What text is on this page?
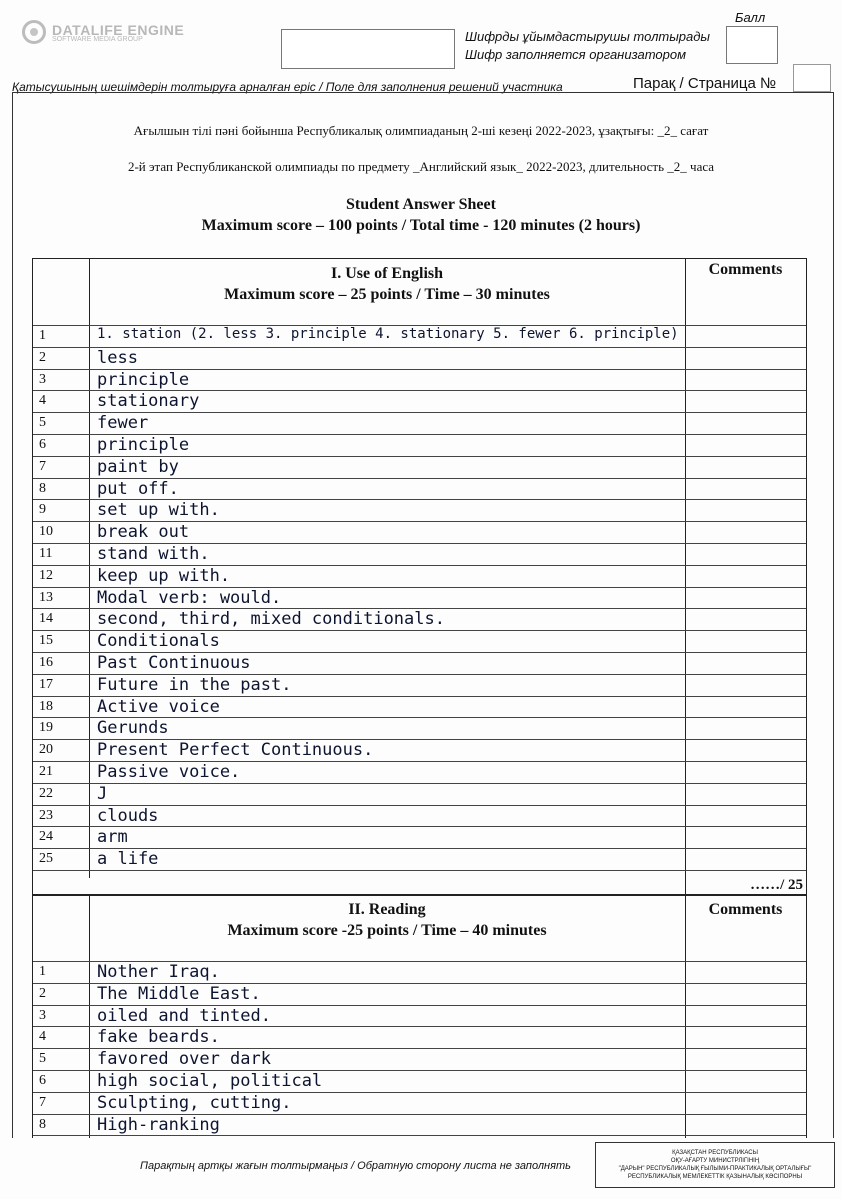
DATALIFE ENGINE
SOFTWARE MEDIA GROUP	Шифрды ұйымдастырушы толтырады
Шифр заполняется организатором
Балл
Қатысушының шешімдерін толтыруға арналған еріс / Поле для заполнения решений участника	Парақ / Страница №
Ағылшын тілі пәні бойынша Республикалық олимпиаданың 2-ші кезеңі 2022-2023, ұзақтығы: _2_ сағат
2-й этап Республиканской олимпиады по предмету _Английский язык_ 2022-2023, длительность _2_ часа
Student Answer Sheet
Maximum score – 100 points / Total time - 120 minutes (2 hours)
I. Use of English
Maximum score – 25 points / Time – 30 minutes
Comments
1	1. station (2. less 3. principle 4. stationary 5. fewer 6. principle)
2	less
3	principle
4	stationary
5	fewer
6	principle
7	paint by
8	put off.
9	set up with.
10	break out
11	stand with.
12	keep up with.
13	Modal verb: would.
14	second, third, mixed conditionals.
15	Conditionals
16	Past Continuous
17	Future in the past.
18	Active voice
19	Gerunds
20	Present Perfect Continuous.
21	Passive voice.
22	J
23	clouds
24	arm
25	a life
……/ 25
II. Reading
Maximum score -25 points / Time – 40 minutes
Comments
1	Nother Iraq.
2	The Middle East.
3	oiled and tinted.
4	fake beards.
5	favored over dark
6	high social, political
7	Sculpting, cutting.
8	High-ranking
Парақтың артқы жағын толтырмаңыз / Обратную сторону листа не заполнять
ҚАЗАҚСТАН РЕСПУБЛИКАСЫ
ОҚУ-АҒАРТУ МИНИСТРЛІГІНІҢ
"ДАРЫН" РЕСПУБЛИКАЛЫҚ ҒЫЛЫМИ-ПРАКТИКАЛЫҚ ОРТАЛЫҒЫ"
РЕСПУБЛИКАЛЫҚ МЕМЛЕКЕТТІК ҚАЗЫНАЛЫҚ КӘСІПОРНЫ
